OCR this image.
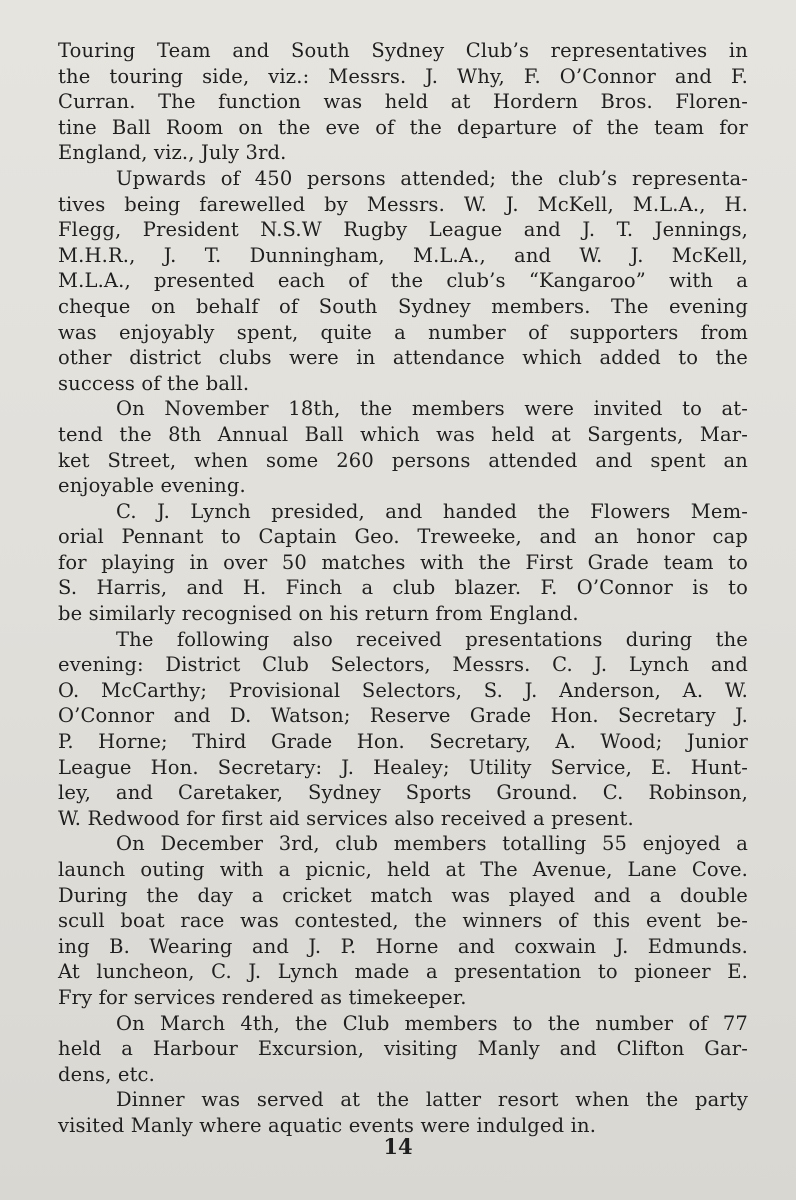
Touring Team and South Sydney Club’s representatives in
the touring side, viz.: Messrs. J. Why, F. O’Connor and F.
Curran. The function was held at Hordern Bros. Floren-
tine Ball Room on the eve of the departure of the team for
England, viz., July 3rd.
Upwards of 450 persons attended; the club’s representa-
tives being farewelled by Messrs. W. J. McKell, M.L.A., H.
Flegg, President N.S.W Rugby League and J. T. Jennings,
M.H.R., J. T. Dunningham, M.L.A., and W. J. McKell,
M.L.A., presented each of the club’s “Kangaroo” with a
cheque on behalf of South Sydney members. The evening
was enjoyably spent, quite a number of supporters from
other district clubs were in attendance which added to the
success of the ball.
On November 18th, the members were invited to at-
tend the 8th Annual Ball which was held at Sargents, Mar-
ket Street, when some 260 persons attended and spent an
enjoyable evening.
C. J. Lynch presided, and handed the Flowers Mem-
orial Pennant to Captain Geo. Treweeke, and an honor cap
for playing in over 50 matches with the First Grade team to
S. Harris, and H. Finch a club blazer. F. O’Connor is to
be similarly recognised on his return from England.
The following also received presentations during the
evening: District Club Selectors, Messrs. C. J. Lynch and
O. McCarthy; Provisional Selectors, S. J. Anderson, A. W.
O’Connor and D. Watson; Reserve Grade Hon. Secretary J.
P. Horne; Third Grade Hon. Secretary, A. Wood; Junior
League Hon. Secretary: J. Healey; Utility Service, E. Hunt-
ley, and Caretaker, Sydney Sports Ground. C. Robinson,
W. Redwood for first aid services also received a present.
On December 3rd, club members totalling 55 enjoyed a
launch outing with a picnic, held at The Avenue, Lane Cove.
During the day a cricket match was played and a double
scull boat race was contested, the winners of this event be-
ing B. Wearing and J. P. Horne and coxwain J. Edmunds.
At luncheon, C. J. Lynch made a presentation to pioneer E.
Fry for services rendered as timekeeper.
On March 4th, the Club members to the number of 77
held a Harbour Excursion, visiting Manly and Clifton Gar-
dens, etc.
Dinner was served at the latter resort when the party
visited Manly where aquatic events were indulged in.
14
